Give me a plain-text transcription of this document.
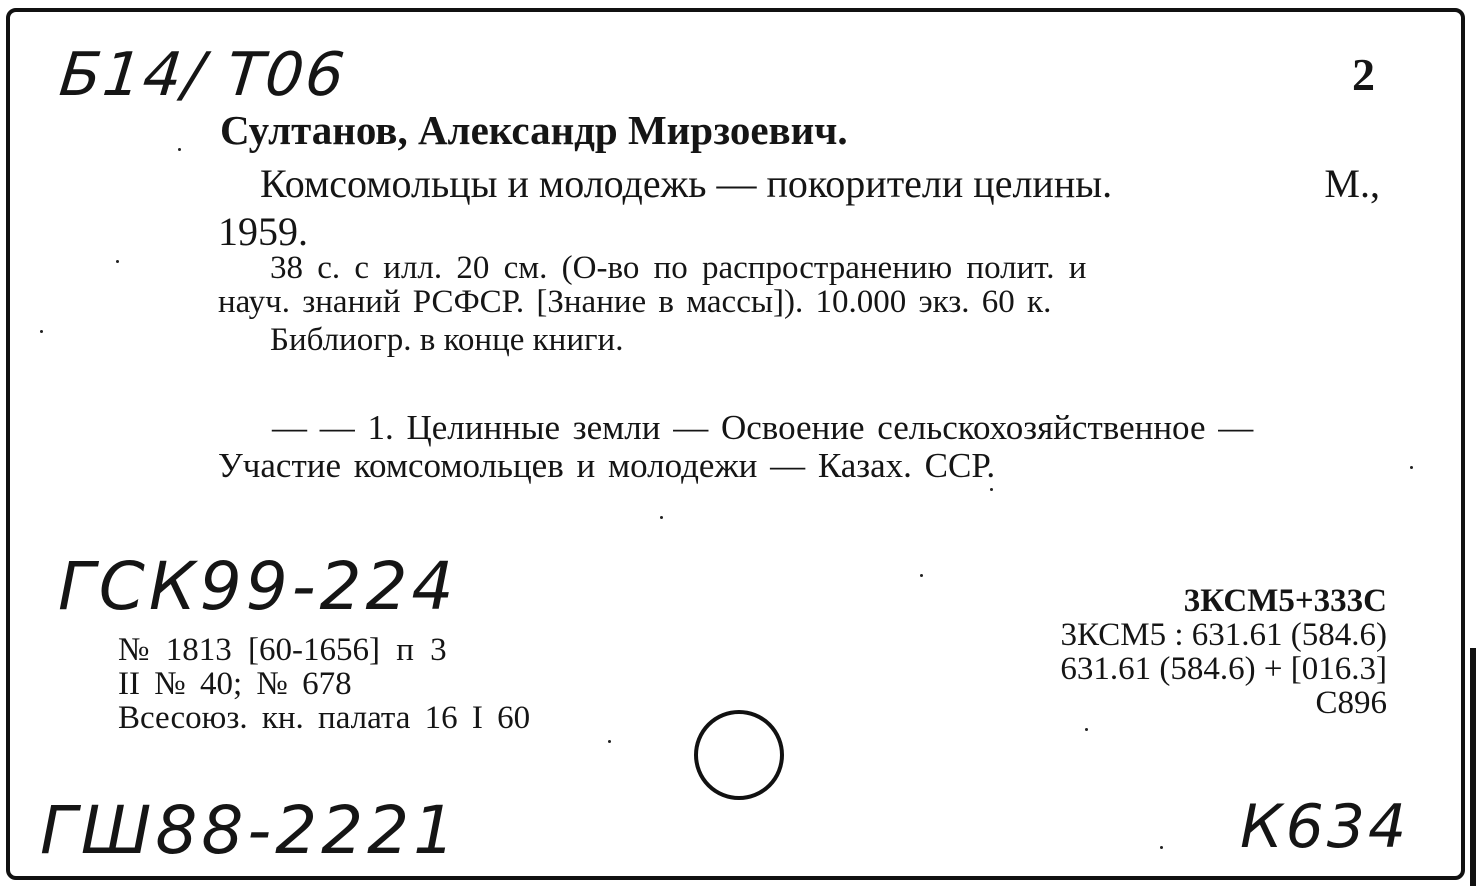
Б14/ Т06	2
Султанов, Александр Мирзоевич.
Комсомольцы и молодежь — покорители целины.	М.,
1959.
38 с. с илл. 20 см. (О-во по распространению полит. и
науч. знаний РСФСР. [Знание в массы]). 10.000 экз. 60 к.
Библиогр. в конце книги.
— — 1. Целинные земли — Освоение сельскохозяйственное —
Участие комсомольцев и молодежи — Казах. ССР.
ГСК99-224
№ 1813 [60-1656] п 3
II № 40; № 678
Всесоюз. кн. палата 16 I 60
3КСМ5+333С
3КСМ5 : 631.61 (584.6)
631.61 (584.6) + [016.3]
С896
ГШ88-2221	К634
